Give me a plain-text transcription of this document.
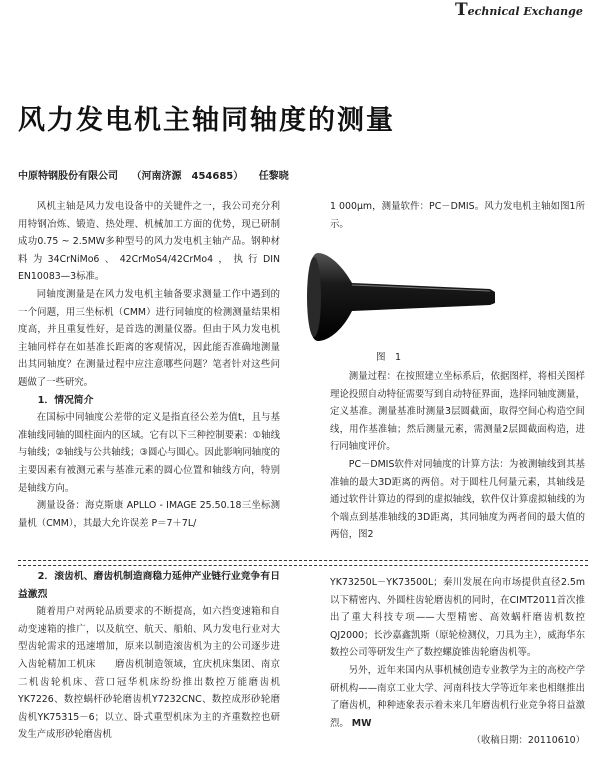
Technical Exchange
风力发电机主轴同轴度的测量
中原特钢股份有限公司 （河南济源　454685） 任黎晓

风机主轴是风力发电设备中的关键件之一，我公司充分利用特钢冶炼、锻造、热处理、机械加工方面的优势，现已研制成功0.75 ~ 2.5MW多种型号的风力发电机主轴产品。钢种材料为34CrNiMo6、42CrMoS4/42CrMo4，执行DIN EN10083—3标准。

同轴度测量是在风力发电机主轴备要求测量工作中遇到的一个问题，用三坐标机（CMM）进行同轴度的检测测量结果相度高，并且重复性好，是首选的测量仪器。但由于风力发电机主轴同样存在如基准长距离的客观情况，因此能否准确地测量出其同轴度？在测量过程中应注意哪些问题？笔者针对这些问题做了一些研究。

1．情况简介

在国标中同轴度公差带的定义是指直径公差为值t，且与基准轴线同轴的圆柱面内的区域。它有以下三种控制要素：①轴线与轴线；②轴线与公共轴线；③圆心与圆心。因此影响同轴度的主要因素有被测元素与基准元素的圆心位置和轴线方向，特别是轴线方向。

测量设备：海克斯康 APLLO - IMAGE 25.50.18三坐标测量机（CMM），其最大允许误差 P＝7＋7L/

1 000μm，测量软件：PC－DMIS。风力发电机主轴如图1所示。

图　1

测量过程：在按照建立坐标系后，依据图样，将相关图样理论投照自动特征需要写到自动特征界面，选择同轴度测量，定义基准。测量基准时测量3层圆截面，取得空间心构造空间线，用作基准轴；然后测量元素，需测量2层圆截面构造，进行同轴度评价。

PC－DMIS软件对同轴度的计算方法：为被测轴线到其基准轴的最大3D距离的两倍。对于圆柱几何量元素，其轴线是通过软件计算边的得到的虚拟轴线，软件仅计算虚拟轴线的为个端点到基准轴线的3D距离，其同轴度为两者间的最大值的两倍，图2

2．滚齿机、磨齿机制造商稳力延伸产业链行业竞争有日益激烈

随着用户对两轮品质要求的不断提高，如六挡变速箱和自动变速箱的推广，以及航空、航天、船舶、风力发电行业对大型齿轮需求的迅速增加，原来以制造滚齿机为主的公司逐步进入齿轮精加工机床　　磨齿机制造领域，宜庆机床集团、南京二机齿轮机床、营口冠华机床纷纷推出数控万能磨齿机YK7226、数控蜗杆砂轮磨齿机Y7232CNC、数控成形砂轮磨齿机YK75315－6；以立、卧式重型机床为主的齐重数控也研发生产成形砂轮磨齿机

YK73250L－YK73500L；秦川发展在向市场提供直径2.5m以下精密内、外圆柱齿轮磨齿机的同时，在CIMT2011首次推出了重大科技专项——大型精密、高效蜗杆磨齿机数控QJ2000；长沙嘉鑫凯斯（原轮检测仪，刀具为主），威海华东数控公司等研发生产了数控螺旋锥齿轮磨齿机等。

另外，近年来国内从事机械创造专业教学为主的高校产学研机构——南京工业大学、河南科技大学等近年来也相继推出了磨齿机，种种迹象表示着未来几年磨齿机行业竞争将日益激烈。 MW

（收稿日期：20110610）
